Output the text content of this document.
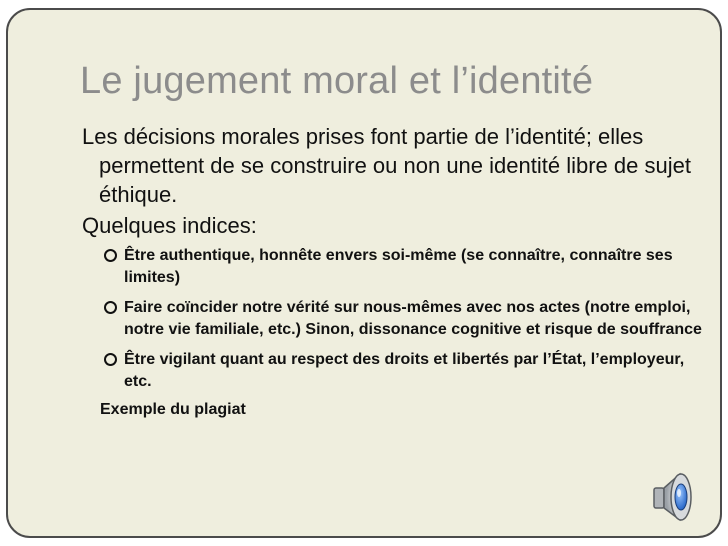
Le jugement moral et l’identité
Les décisions morales prises font partie de l’identité; elles permettent de se construire ou non une identité libre de sujet éthique.
Quelques indices:
Être authentique, honnête envers soi-même (se connaître, connaître ses limites)
Faire coïncider notre vérité sur nous-mêmes avec nos actes (notre emploi, notre vie familiale, etc.) Sinon, dissonance cognitive et risque de souffrance
Être vigilant quant au respect des droits et libertés par l’État, l’employeur, etc.
Exemple du plagiat
